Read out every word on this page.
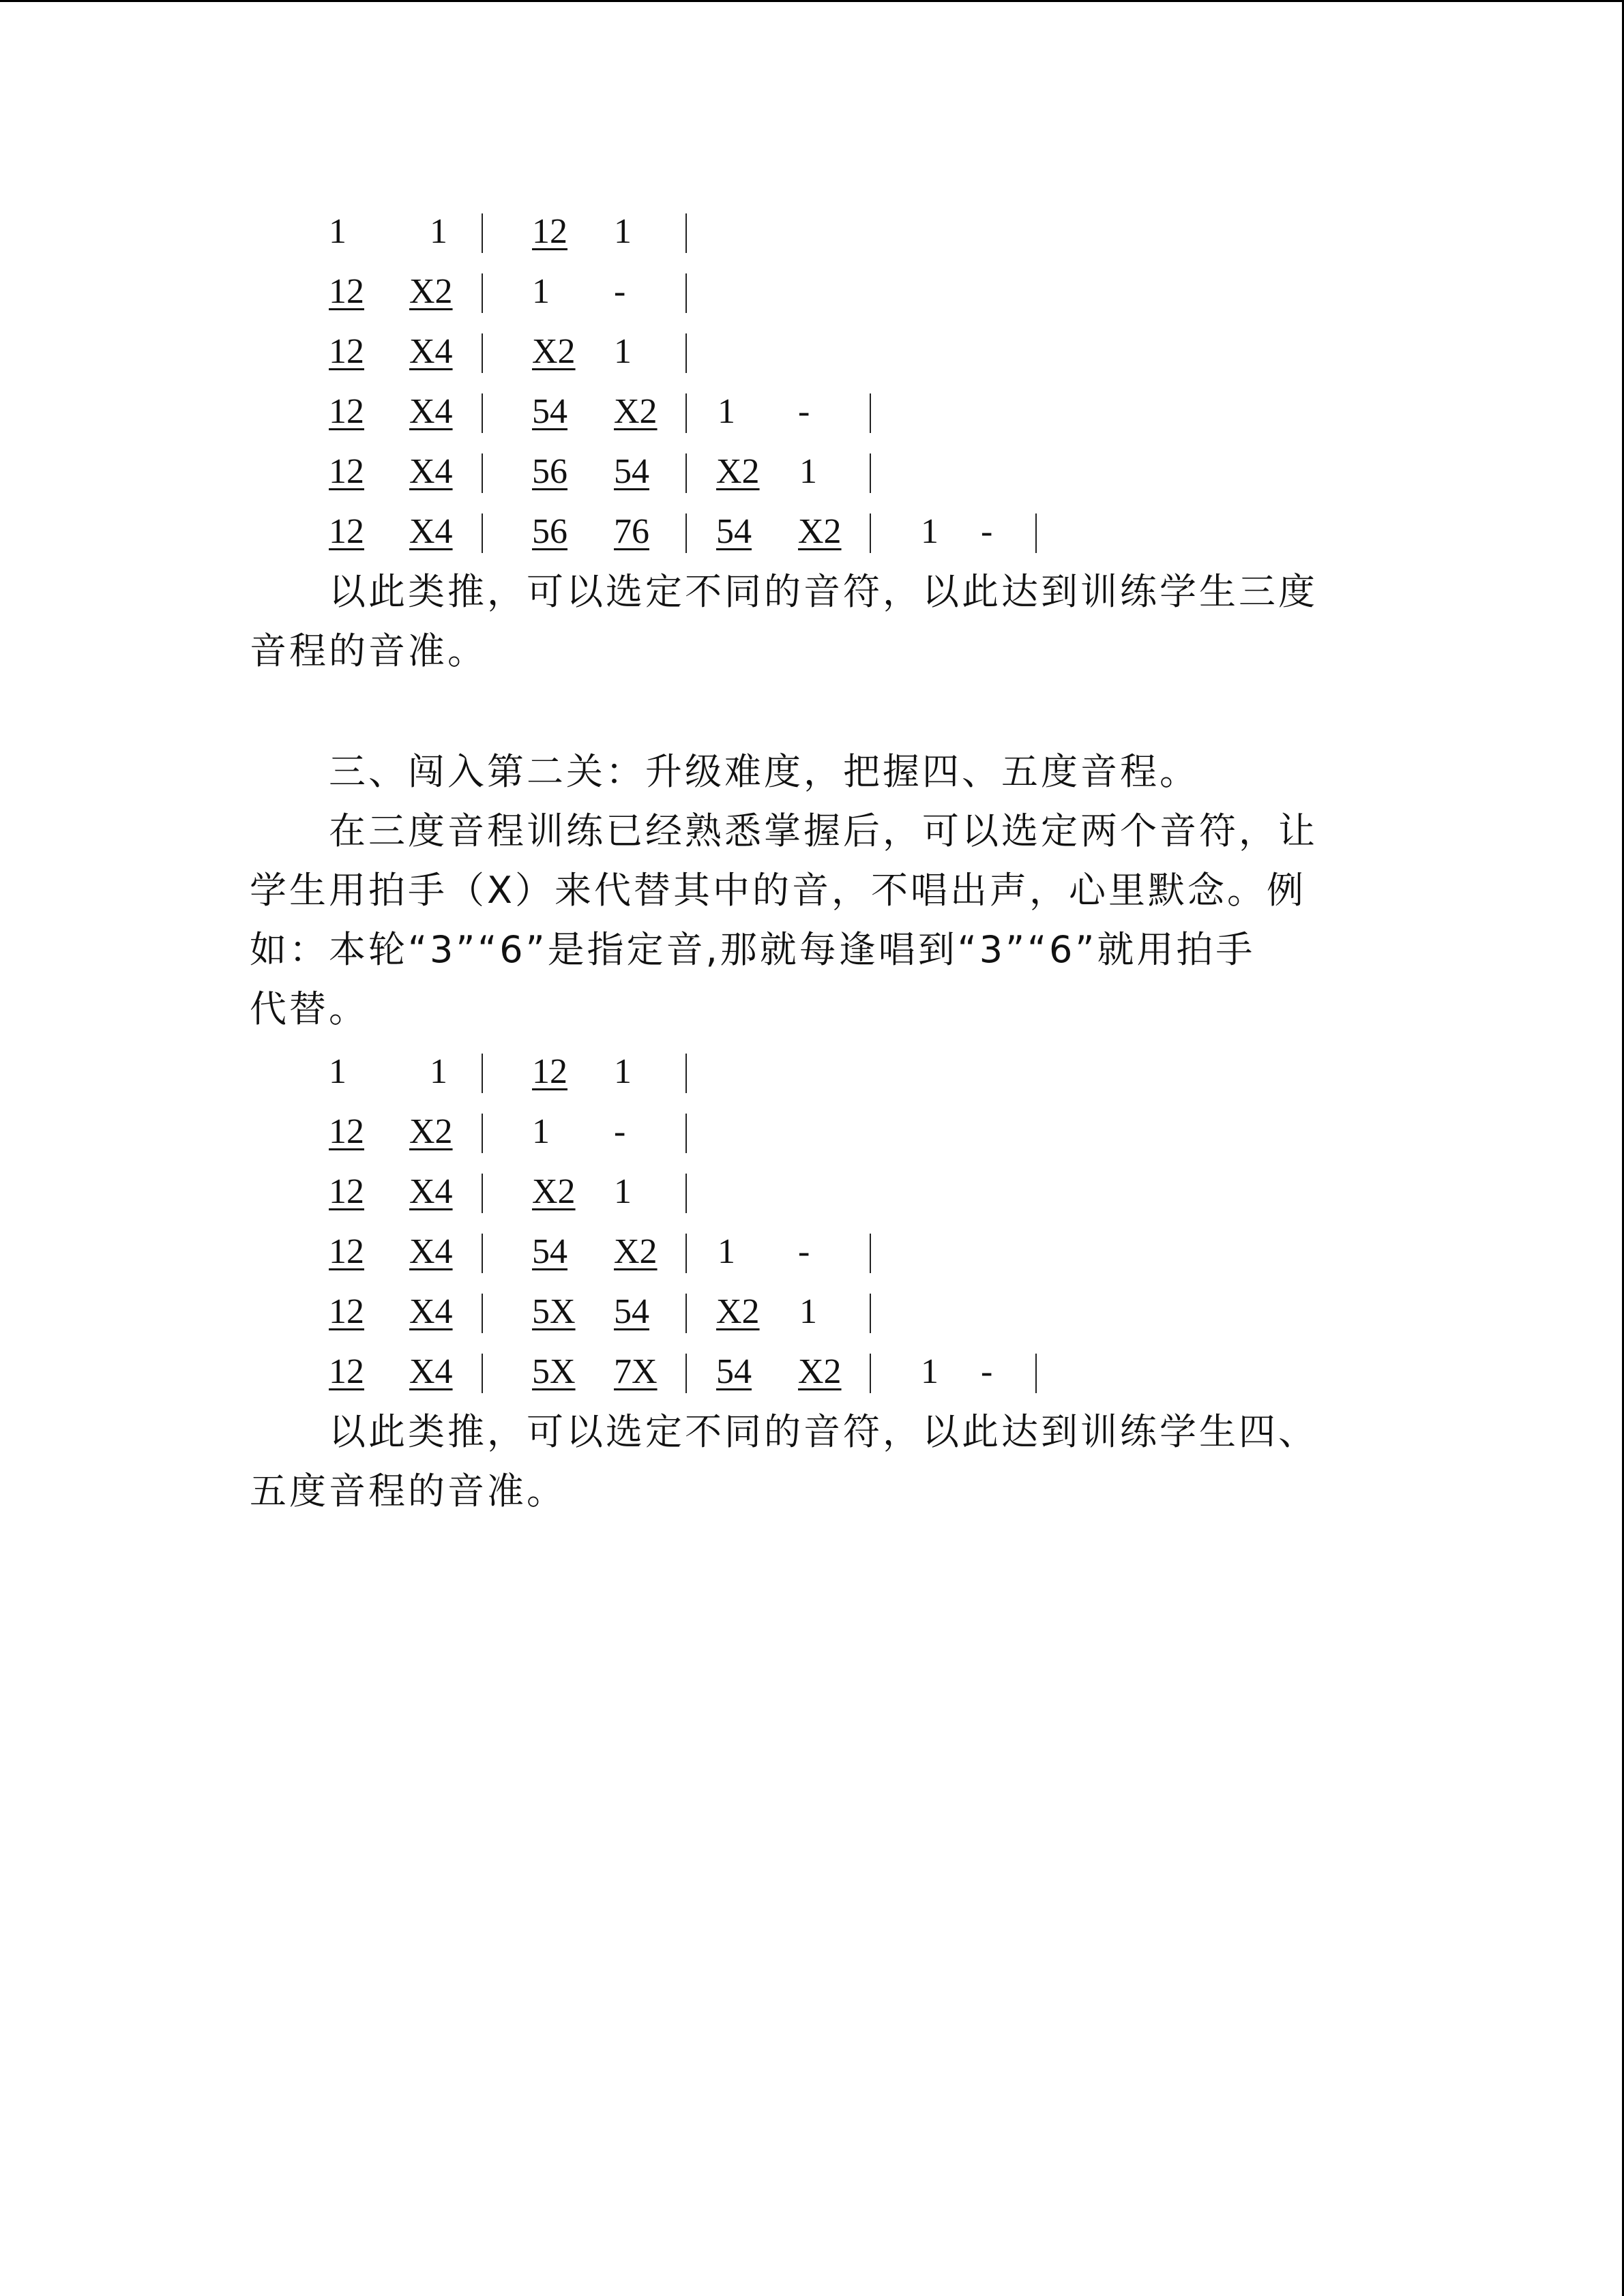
1 1 12 1
12 X2 1 -
12 X4 X2 1
12 X4 54 X2 1 -
12 X4 56 54 X2 1
12 X4 56 76 54 X2 1 -

以此类推，可以选定不同的音符，以此达到训练学生三度

音程的音准。

三、闯入第二关：升级难度，把握四、五度音程。

在三度音程训练已经熟悉掌握后，可以选定两个音符，让

学生用拍手（X）来代替其中的音，不唱出声，心里默念。例

如：本轮“3”“6”是指定音,那就每逢唱到“3”“6”就用拍手

代替。

1 1 12 1
12 X2 1 -
12 X4 X2 1
12 X4 54 X2 1 -
12 X4 5X 54 X2 1
12 X4 5X 7X 54 X2 1 -

以此类推，可以选定不同的音符，以此达到训练学生四、

五度音程的音准。
